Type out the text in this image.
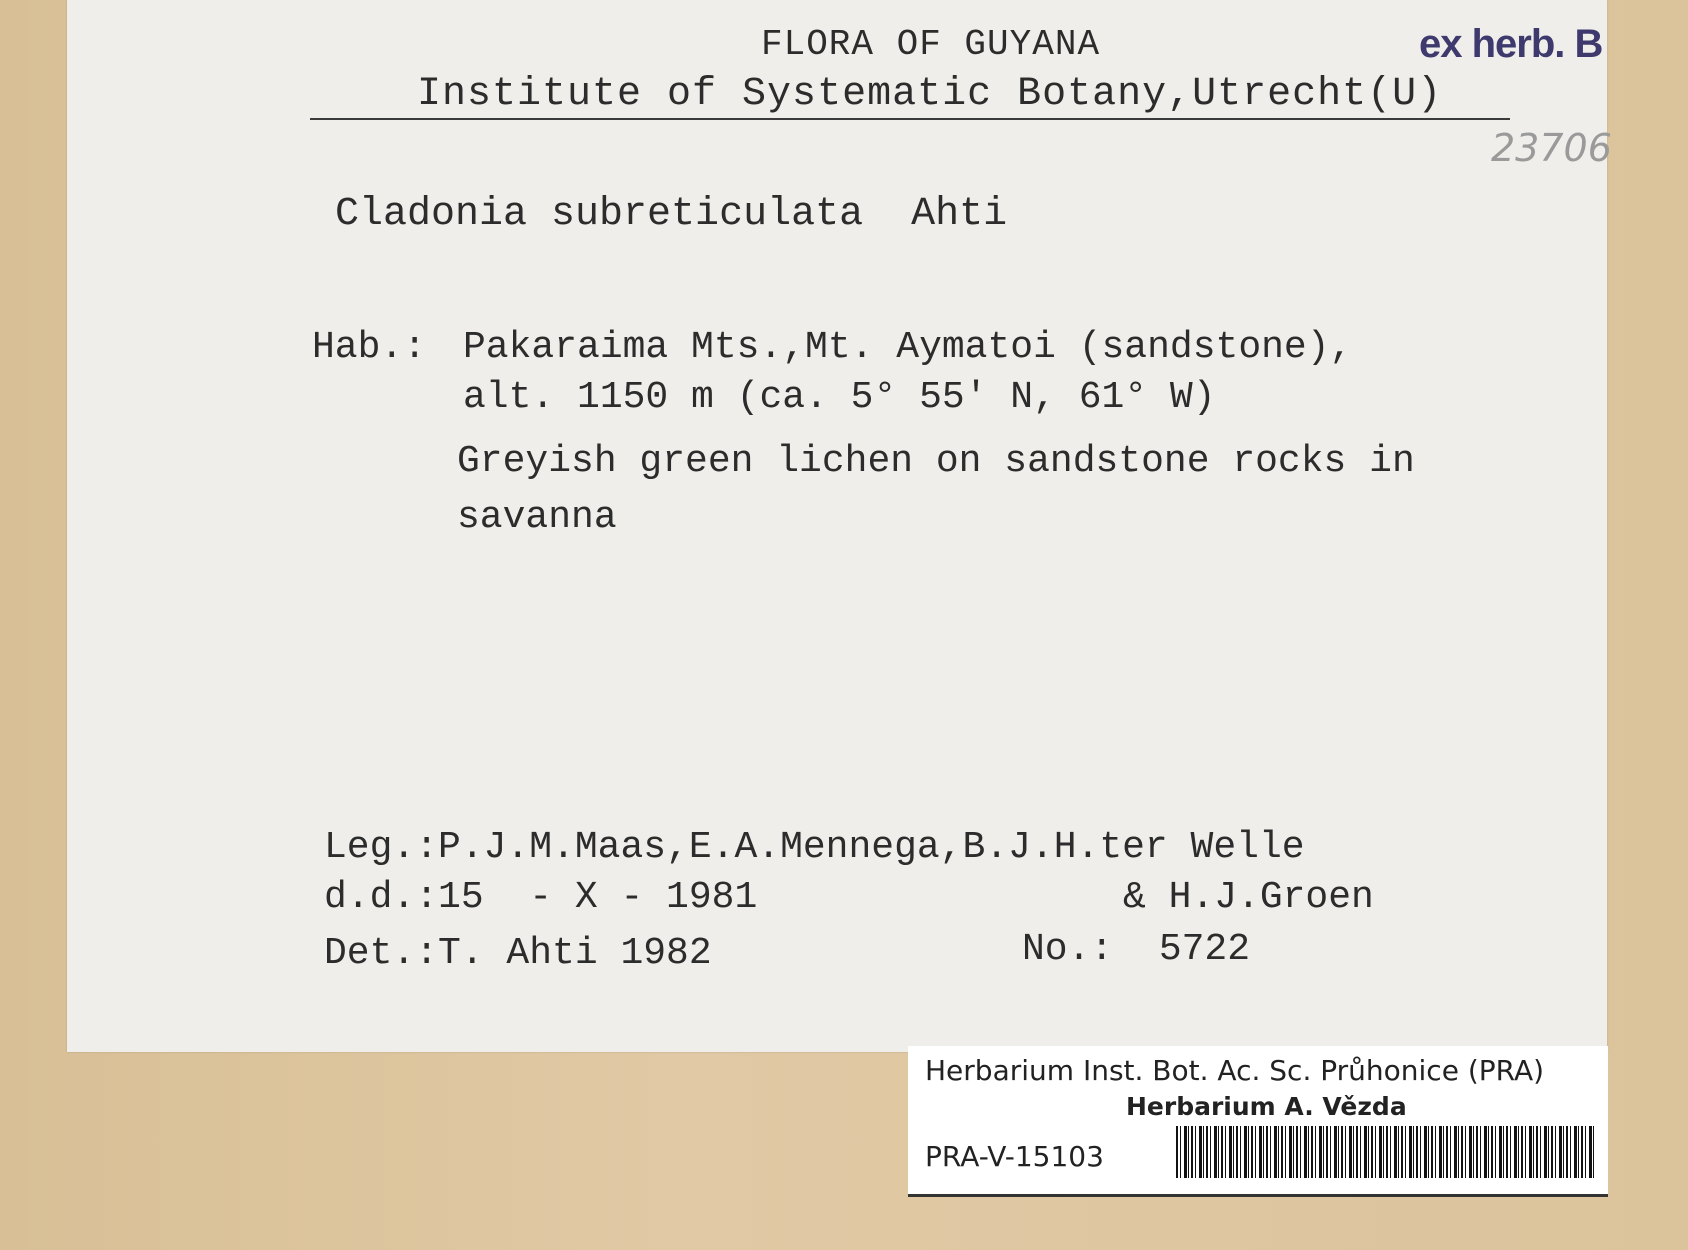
FLORA OF GUYANA
Institute of Systematic Botany,Utrecht(U)
ex herb. B
23706
Cladonia subreticulata  Ahti
Hab.: Pakaraima Mts.,Mt. Aymatoi (sandstone),
alt. 1150 m (ca. 5° 55' N, 61° W)
Greyish green lichen on sandstone rocks in
savanna
Leg.:P.J.M.Maas,E.A.Mennega,B.J.H.ter Welle
d.d.:15  - X - 1981	& H.J.Groen
Det.:T. Ahti 1982	No.:  5722
Herbarium Inst. Bot. Ac. Sc. Průhonice (PRA)
Herbarium A. Vězda
PRA-V-15103
